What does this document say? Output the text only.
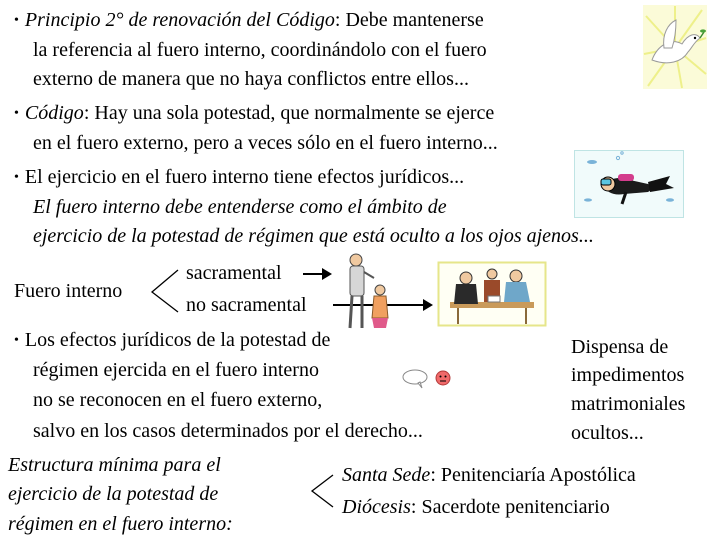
• Principio 2° de renovación del Código: Debe mantenerse
la referencia al fuero interno, coordinándolo con el fuero
externo de manera que no haya conflictos entre ellos...
• Código: Hay una sola potestad, que normalmente se ejerce
en el fuero externo, pero a veces sólo en el fuero interno...
• El ejercicio en el fuero interno tiene efectos jurídicos...
El fuero interno debe entenderse como el ámbito de
ejercicio de la potestad de régimen que está oculto a los ojos ajenos...
Fuero interno
sacramental
no sacramental
• Los efectos jurídicos de la potestad de
régimen ejercida en el fuero interno
no se reconocen en el fuero externo,
salvo en los casos determinados por el derecho...
Dispensa de
impedimentos
matrimoniales
ocultos...
Estructura mínima para el
ejercicio de la potestad de
régimen en el fuero interno:
Santa Sede: Penitenciaría Apostólica
Diócesis: Sacerdote penitenciario
